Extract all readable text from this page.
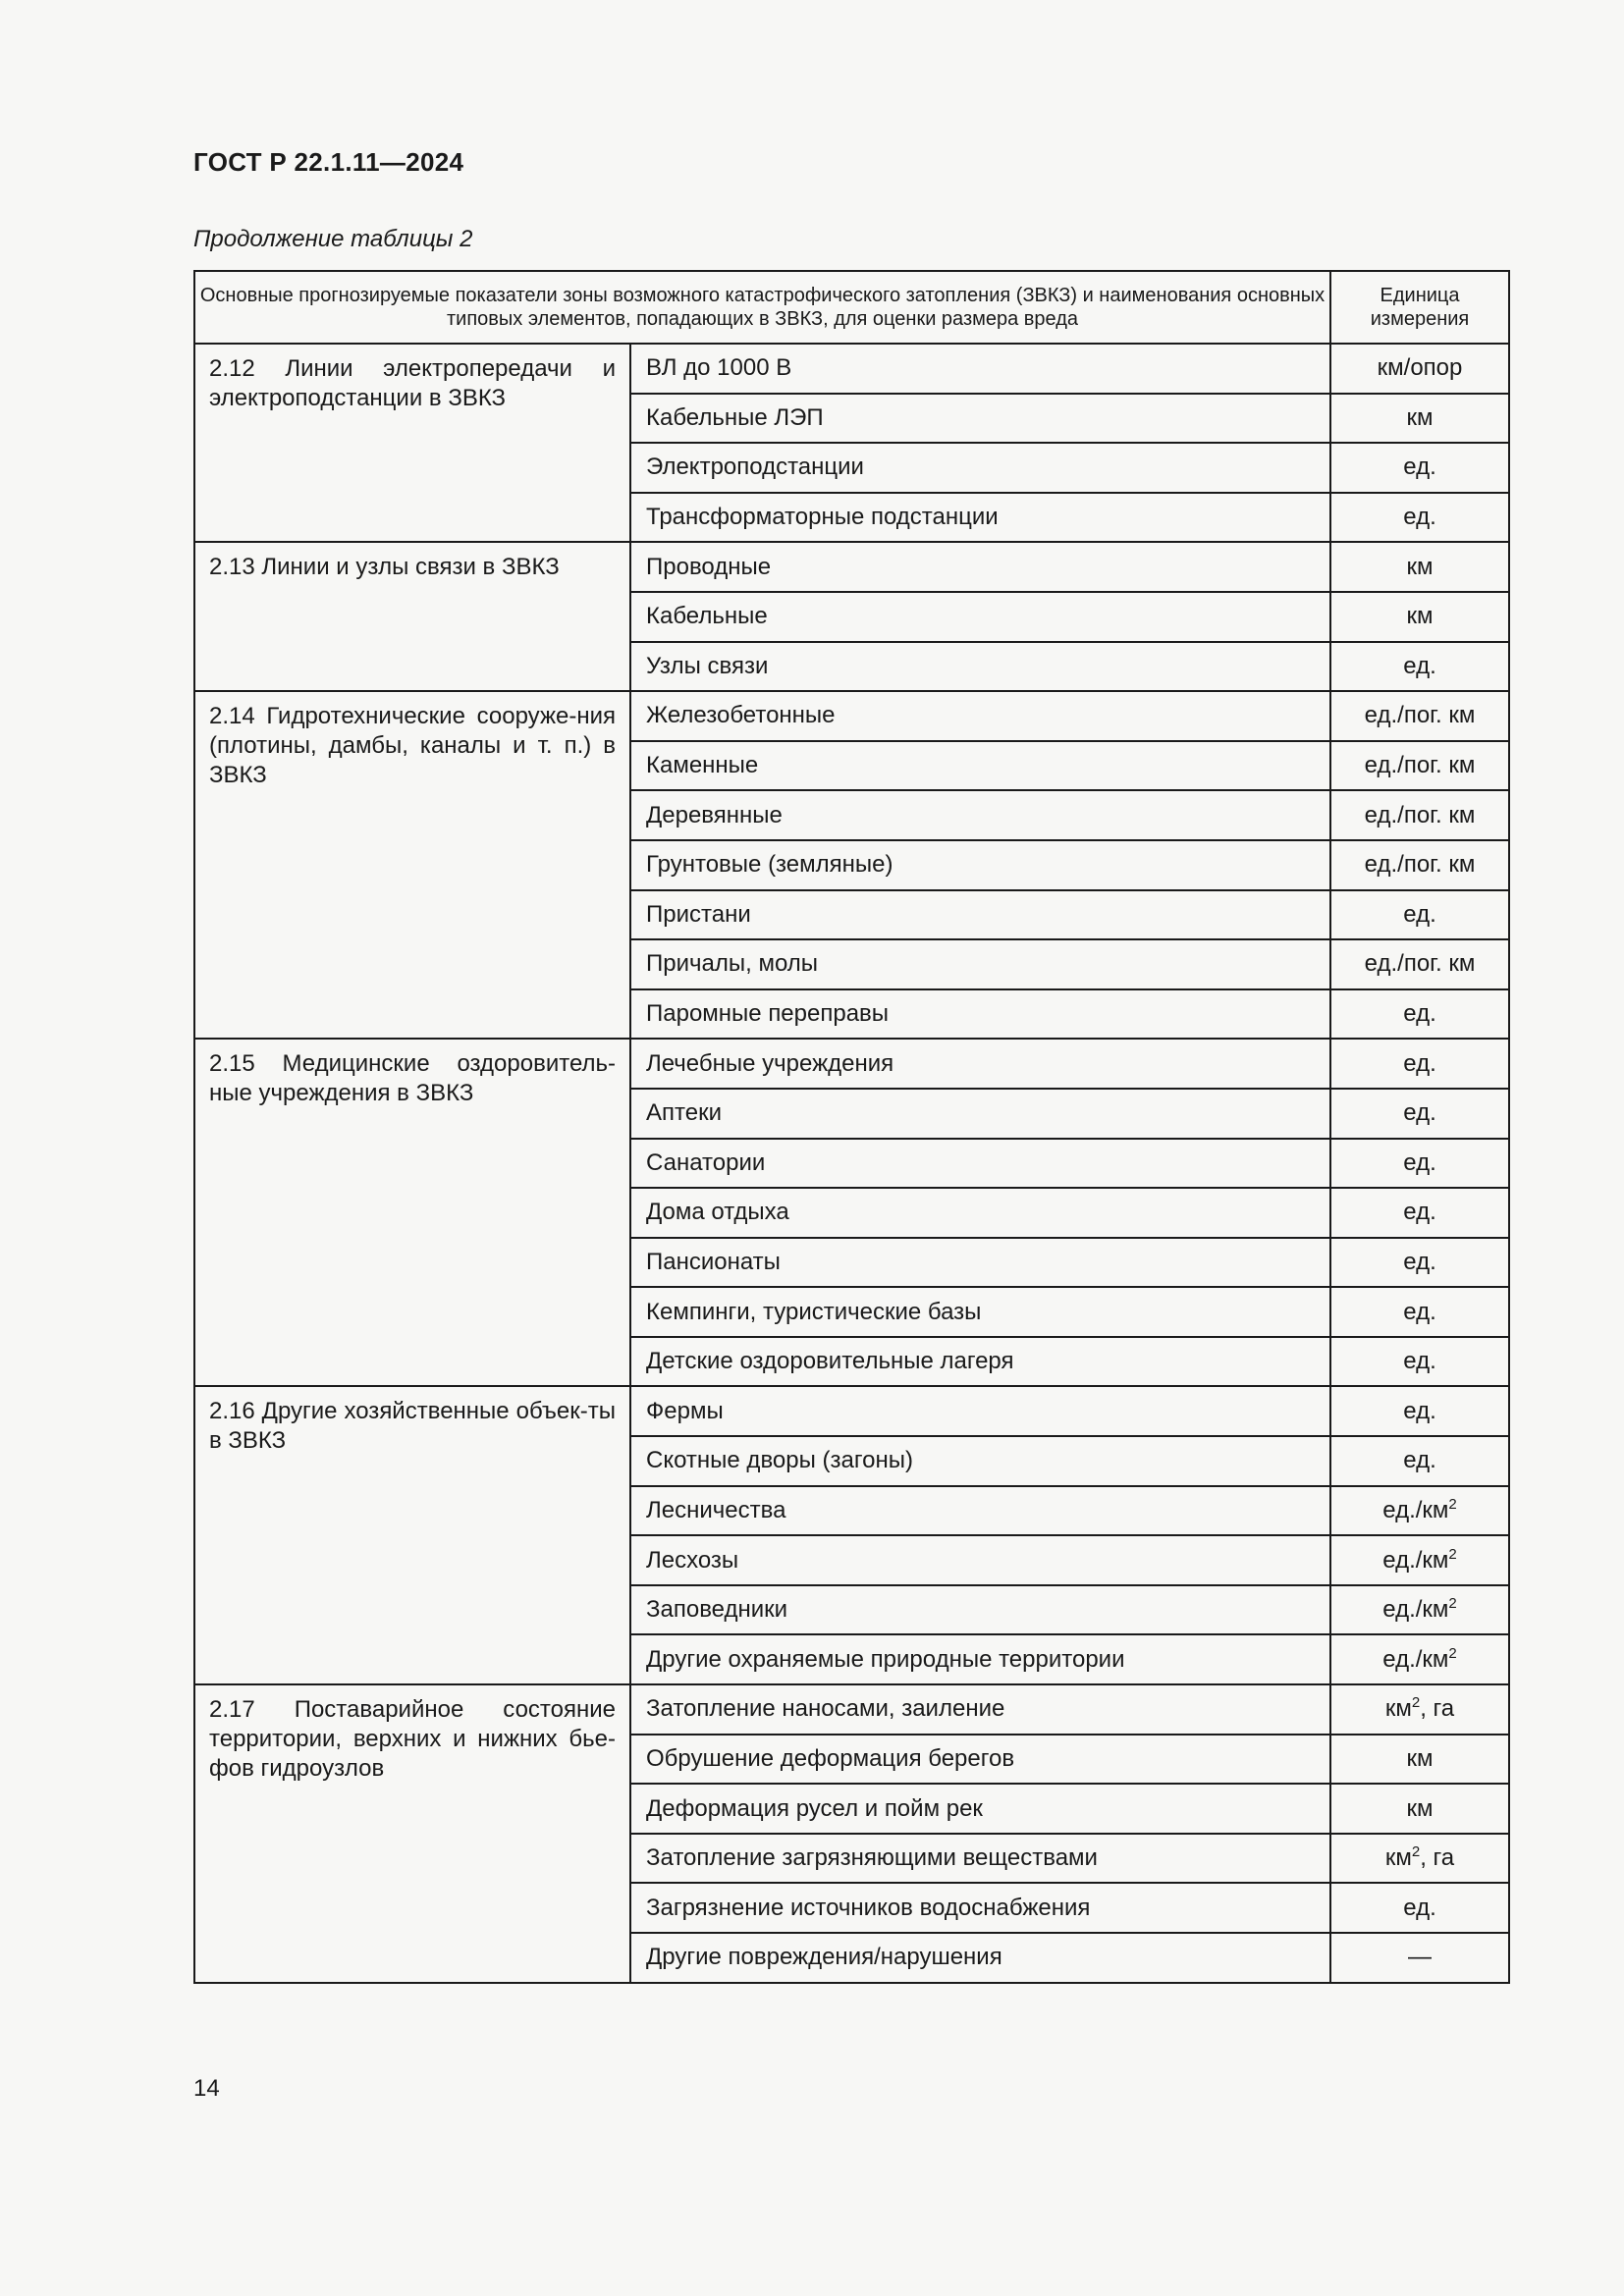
ГОСТ Р 22.1.11—2024
Продолжение таблицы 2
Основные прогнозируемые показатели зоны возможного катастрофического затопления (ЗВКЗ) и наименования основных типовых элементов, попадающих в ЗВКЗ, для оценки размера вреда		Единица измерения
2.12 Линии электропередачи и электроподстанции в ЗВКЗ	ВЛ до 1000 В	км/опор
	Кабельные ЛЭП	км
	Электроподстанции	ед.
	Трансформаторные подстанции	ед.
2.13 Линии и узлы связи в ЗВКЗ	Проводные	км
	Кабельные	км
	Узлы связи	ед.
2.14 Гидротехнические сооруже-ния (плотины, дамбы, каналы и т. п.) в ЗВКЗ	Железобетонные	ед./пог. км
	Каменные	ед./пог. км
	Деревянные	ед./пог. км
	Грунтовые (земляные)	ед./пог. км
	Пристани	ед.
	Причалы, молы	ед./пог. км
	Паромные переправы	ед.
2.15 Медицинские оздоровитель-ные учреждения в ЗВКЗ	Лечебные учреждения	ед.
	Аптеки	ед.
	Санатории	ед.
	Дома отдыха	ед.
	Пансионаты	ед.
	Кемпинги, туристические базы	ед.
	Детские оздоровительные лагеря	ед.
2.16 Другие хозяйственные объек-ты в ЗВКЗ	Фермы	ед.
	Скотные дворы (загоны)	ед.
	Лесничества	$ед./км^2$
	Лесхозы	$ед./км^2$
	Заповедники	$ед./км^2$
	Другие охраняемые природные территории	$ед./км^2$
2.17 Поставарийное состояние территории, верхних и нижних бье-фов гидроузлов	Затопление наносами, заиление	$км^2$, га
	Обрушение деформация берегов	км
	Деформация русел и пойм рек	км
	Затопление загрязняющими веществами	$км^2$, га
	Загрязнение источников водоснабжения	ед.
	Другие повреждения/нарушения	—
14
